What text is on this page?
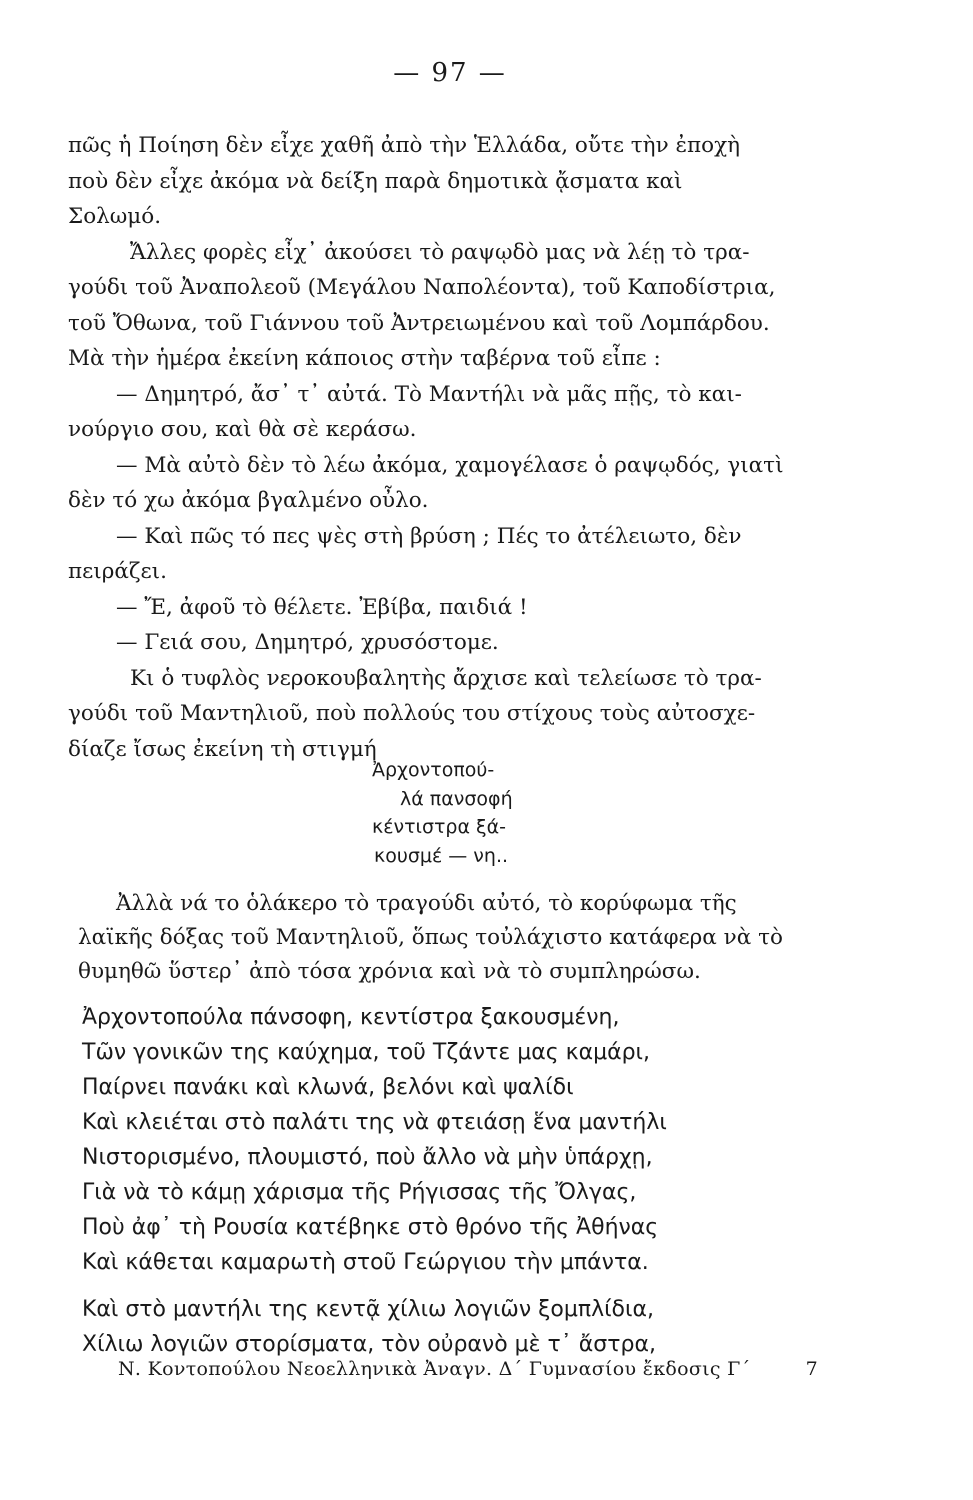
— 97 —

πῶς ἡ Ποίηση δὲν εἶχε χαθῆ ἀπὸ τὴν Ἑλλάδα, οὔτε τὴν ἐποχὴ
ποὺ δὲν εἶχε ἀκόμα νὰ δείξη παρὰ δημοτικὰ ᾄσματα καὶ
Σολωμό.
Ἄλλες φορὲς εἶχ᾽ ἀκούσει τὸ ραψῳδὸ μας νὰ λέῃ τὸ τρα-
γούδι τοῦ Ἀναπολεοῦ (Μεγάλου Ναπολέοντα), τοῦ Καποδίστρια,
τοῦ Ὄθωνα, τοῦ Γιάννου τοῦ Ἀντρειωμένου καὶ τοῦ Λομπάρδου.
Μὰ τὴν ἡμέρα ἐκείνη κάποιος στὴν ταβέρνα τοῦ εἶπε :
— Δημητρό, ἄσ᾽ τ᾽ αὐτά. Τὸ Μαντήλι νὰ μᾶς πῇς, τὸ και-
νούργιο σου, καὶ θὰ σὲ κεράσω.
— Μὰ αὐτὸ δὲν τὸ λέω ἀκόμα, χαμογέλασε ὁ ραψῳδός, γιατὶ
δὲν τό χω ἀκόμα βγαλμένο οὖλο.
— Καὶ πῶς τό πες ψὲς στὴ βρύση ; Πές το ἀτέλειωτο, δὲν
πειράζει.
— Ἔ, ἀφοῦ τὸ θέλετε. Ἐβίβα, παιδιά !
— Γειά σου, Δημητρό, χρυσόστομε.
Κι ὁ τυφλὸς νεροκουβαλητὴς ἄρχισε καὶ τελείωσε τὸ τρα-
γούδι τοῦ Μαντηλιοῦ, ποὺ πολλούς του στίχους τοὺς αὐτοσχε-
δίαζε ἴσως ἐκείνη τὴ στιγμή

Ἀρχοντοπού-
λά πανσοφή
κέντιστρα ξά-
κουσμέ — νη..
Ἀλλὰ νά το ὁλάκερο τὸ τραγούδι αὐτό, τὸ κορύφωμα τῆς
λαϊκῆς δόξας τοῦ Μαντηλιοῦ, ὅπως τοὐλάχιστο κατάφερα νὰ τὸ
θυμηθῶ ὕστερ᾽ ἀπὸ τόσα χρόνια καὶ νὰ τὸ συμπληρώσω.
Ἀρχοντοπούλα πάνσοφη, κεντίστρα ξακουσμένη,
Τῶν γονικῶν της καύχημα, τοῦ Τζάντε μας καμάρι,
Παίρνει πανάκι καὶ κλωνά, βελόνι καὶ ψαλίδι
Καὶ κλειέται στὸ παλάτι της νὰ φτειάσῃ ἕνα μαντήλι
Νιστορισμένο, πλουμιστό, ποὺ ἄλλο νὰ μὴν ὑπάρχῃ,
Γιὰ νὰ τὸ κάμῃ χάρισμα τῆς Ρήγισσας τῆς Ὄλγας,
Ποὺ ἀφ᾽ τὴ Ρουσία κατέβηκε στὸ θρόνο τῆς Ἀθήνας
Καὶ κάθεται καμαρωτὴ στοῦ Γεώργιου τὴν μπάντα.
Καὶ στὸ μαντήλι της κεντᾷ χίλιω λογιῶν ξομπλίδια,
Χίλιω λογιῶν στορίσματα, τὸν οὐρανὸ μὲ τ᾽ ἄστρα,
Ν. Κοντοπούλου Νεοελληνικὰ Ἀναγν. Δ΄ Γυμνασίου ἔκδοσις Γ΄	7
